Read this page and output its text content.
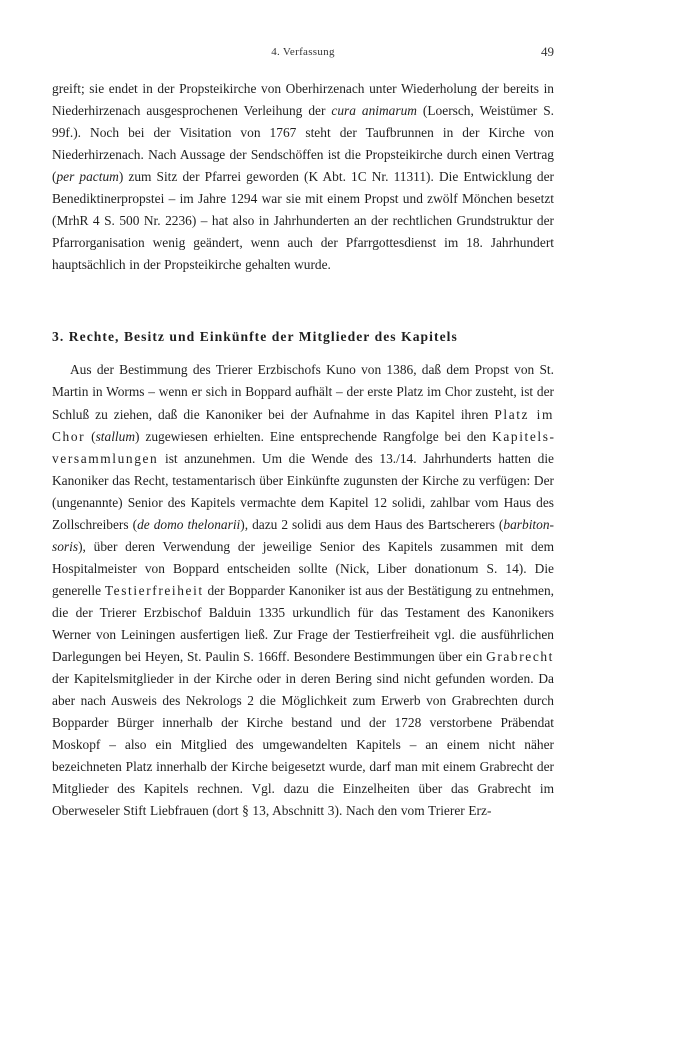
4. Verfassung	49

greift; sie endet in der Propsteikirche von Oberhirzenach unter Wiederholung der bereits in Niederhirzenach ausgesprochenen Verleihung der cura animarum (Loersch, Weistümer S. 99f.). Noch bei der Visitation von 1767 steht der Taufbrunnen in der Kirche von Niederhirzenach. Nach Aussage der Sendschöffen ist die Propsteikirche durch einen Vertrag (per pactum) zum Sitz der Pfarrei geworden (K Abt. 1C Nr. 11311). Die Entwicklung der Benediktinerpropstei – im Jahre 1294 war sie mit einem Propst und zwölf Mönchen besetzt (MrhR 4 S. 500 Nr. 2236) – hat also in Jahrhunderten an der rechtlichen Grundstruktur der Pfarrorganisation wenig geändert, wenn auch der Pfarrgottesdienst im 18. Jahrhundert hauptsächlich in der Propsteikirche gehalten wurde.

3. Rechte, Besitz und Einkünfte der Mitglieder des Kapitels

Aus der Bestimmung des Trierer Erzbischofs Kuno von 1386, daß dem Propst von St. Martin in Worms – wenn er sich in Boppard aufhält – der erste Platz im Chor zusteht, ist der Schluß zu ziehen, daß die Kanoniker bei der Aufnahme in das Kapitel ihren Platz im Chor (stallum) zugewiesen erhielten. Eine entsprechende Rangfolge bei den Kapitelsversammlungen ist anzunehmen. Um die Wende des 13./14. Jahrhunderts hatten die Kanoniker das Recht, testamentarisch über Einkünfte zugunsten der Kirche zu verfügen: Der (ungenannte) Senior des Kapitels vermachte dem Kapitel 12 solidi, zahlbar vom Haus des Zollschreibers (de domo thelonarii), dazu 2 solidi aus dem Haus des Bartscherers (barbitonsoris), über deren Verwendung der jeweilige Senior des Kapitels zusammen mit dem Hospitalmeister von Boppard entscheiden sollte (Nick, Liber donationum S. 14). Die generelle Testierfreiheit der Bopparder Kanoniker ist aus der Bestätigung zu entnehmen, die der Trierer Erzbischof Balduin 1335 urkundlich für das Testament des Kanonikers Werner von Leiningen ausfertigen ließ. Zur Frage der Testierfreiheit vgl. die ausführlichen Darlegungen bei Heyen, St. Paulin S. 166ff. Besondere Bestimmungen über ein Grabrecht der Kapitelsmitglieder in der Kirche oder in deren Bering sind nicht gefunden worden. Da aber nach Ausweis des Nekrologs 2 die Möglichkeit zum Erwerb von Grabrechten durch Bopparder Bürger innerhalb der Kirche bestand und der 1728 verstorbene Präbendat Moskopf – also ein Mitglied des umgewandelten Kapitels – an einem nicht näher bezeichneten Platz innerhalb der Kirche beigesetzt wurde, darf man mit einem Grabrecht der Mitglieder des Kapitels rechnen. Vgl. dazu die Einzelheiten über das Grabrecht im Oberweseler Stift Liebfrauen (dort § 13, Abschnitt 3). Nach den vom Trierer Erz-
